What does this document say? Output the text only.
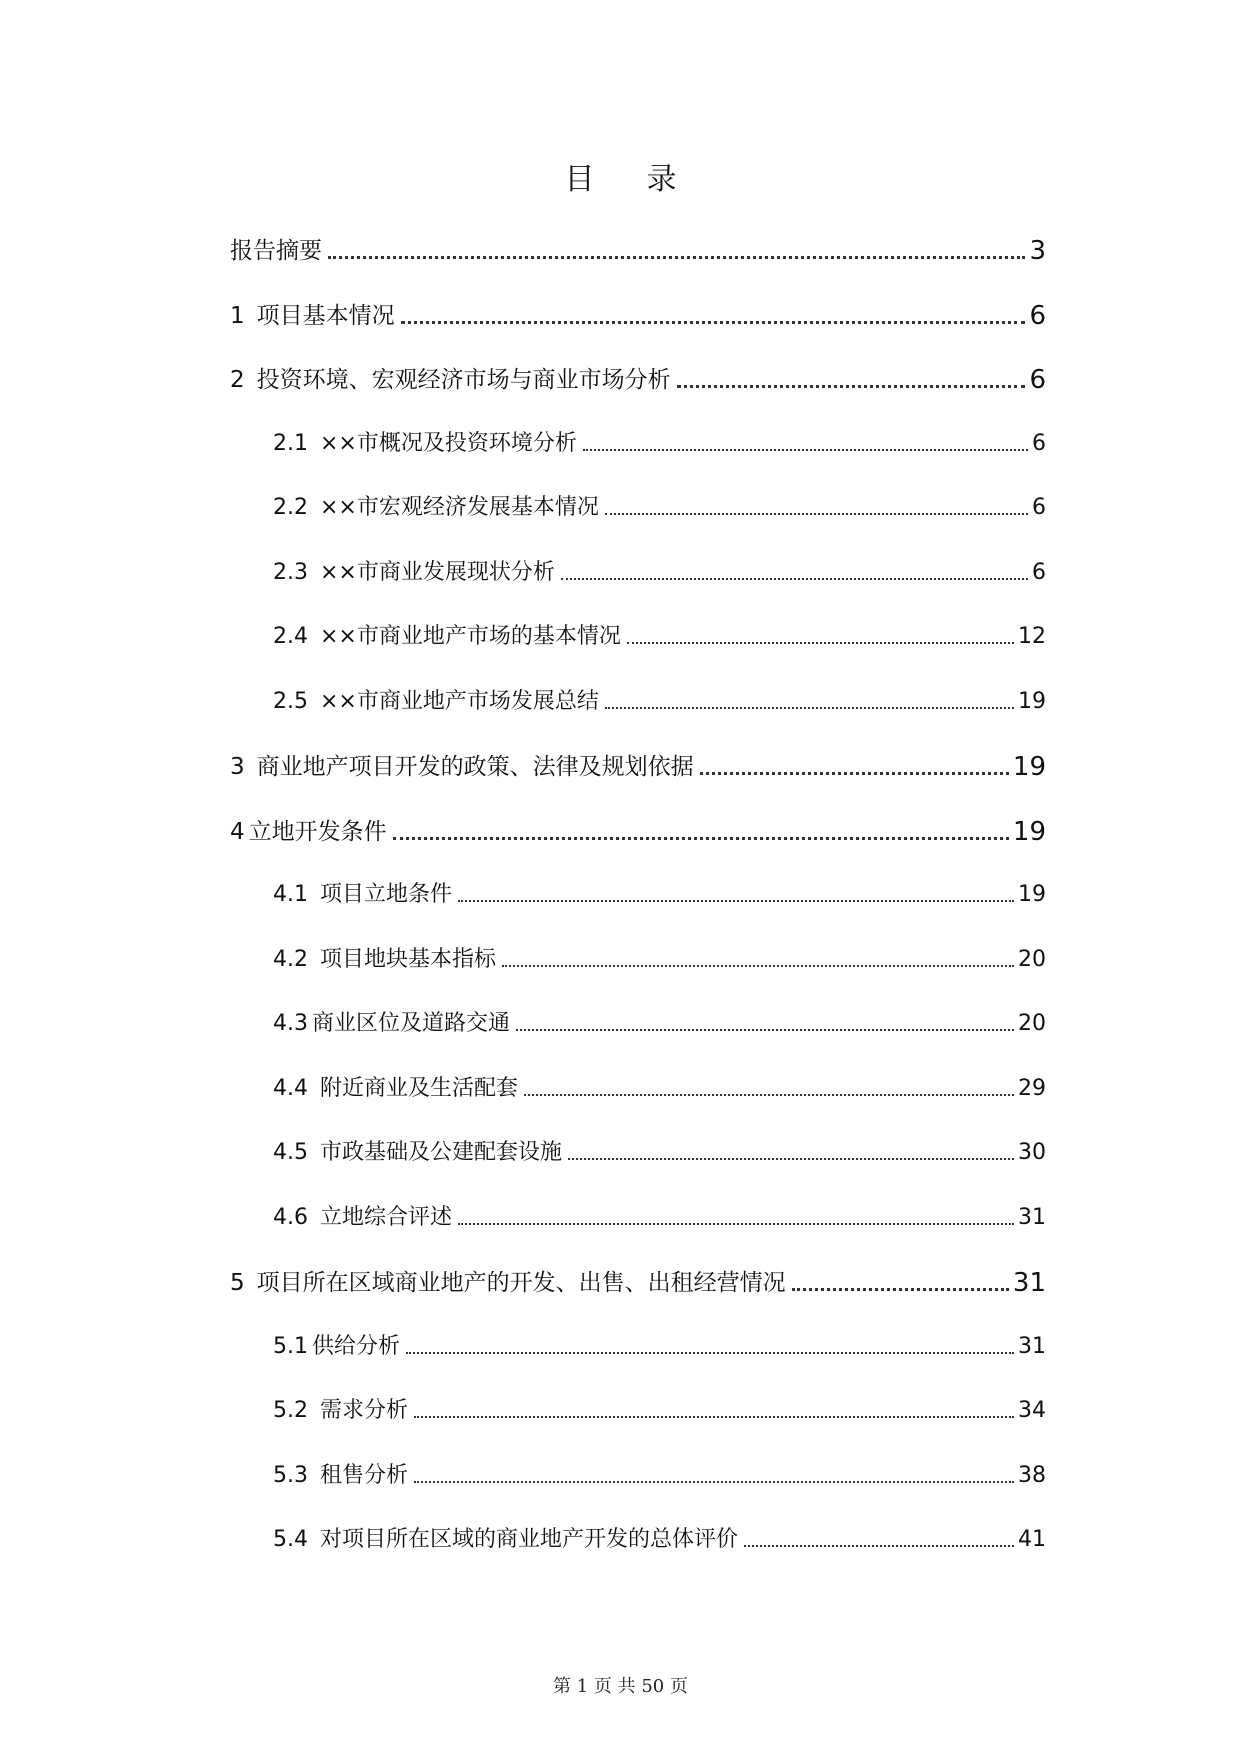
目录
报告摘要	3
1 项目基本情况	6
2 投资环境、宏观经济市场与商业市场分析	6
2.1 ××市概况及投资环境分析	6
2.2 ××市宏观经济发展基本情况	6
2.3 ××市商业发展现状分析	6
2.4 ××市商业地产市场的基本情况	12
2.5 ××市商业地产市场发展总结	19
3 商业地产项目开发的政策、法律及规划依据	19
4 立地开发条件	19
4.1 项目立地条件	19
4.2 项目地块基本指标	20
4.3 商业区位及道路交通	20
4.4 附近商业及生活配套	29
4.5 市政基础及公建配套设施	30
4.6 立地综合评述	31
5 项目所在区域商业地产的开发、出售、出租经营情况	31
5.1 供给分析	31
5.2 需求分析	34
5.3 租售分析	38
5.4 对项目所在区域的商业地产开发的总体评价	41
第 1 页 共 50 页
